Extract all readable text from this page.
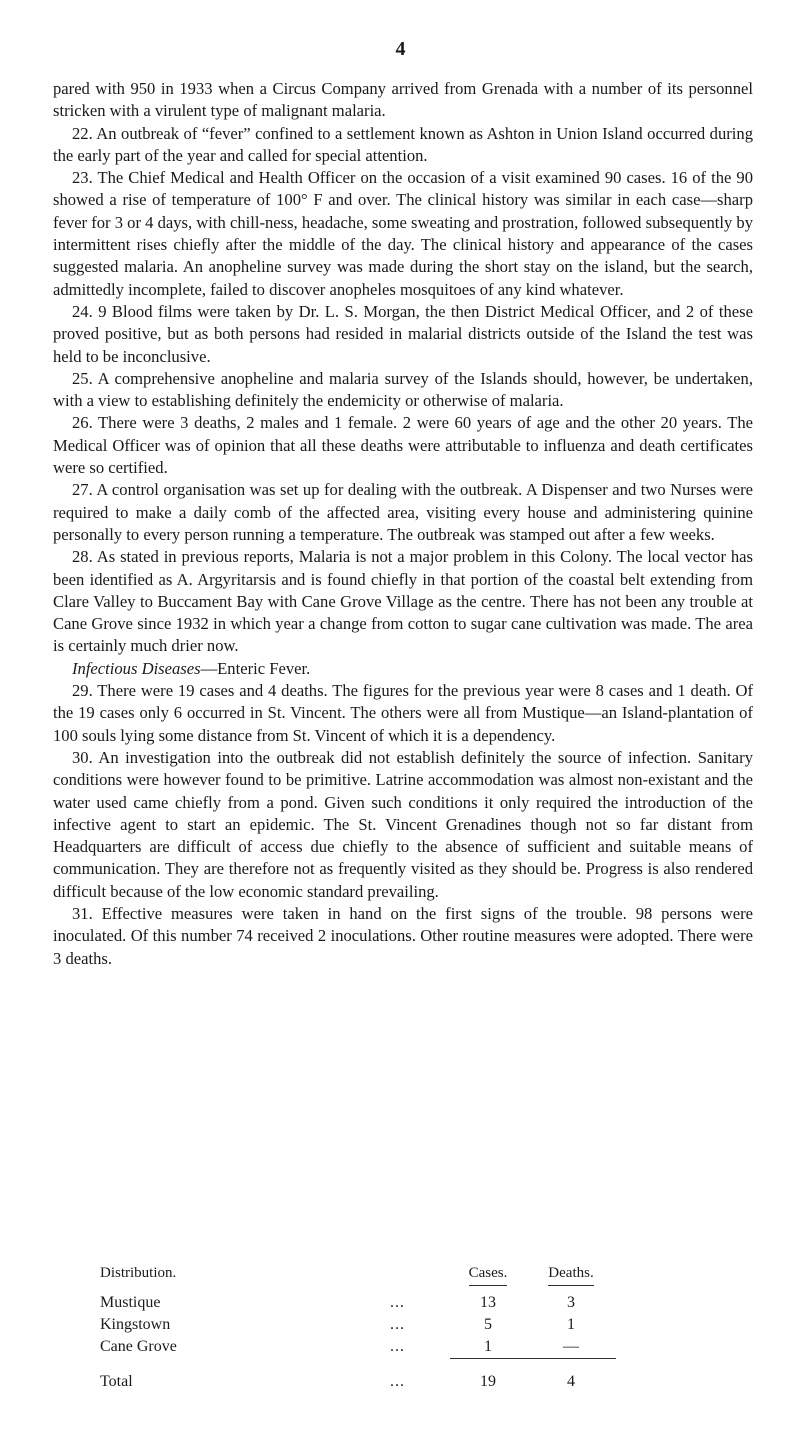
4

pared with 950 in 1933 when a Circus Company arrived from Grenada with a number of its personnel stricken with a virulent type of malignant malaria.

22. An outbreak of “fever” confined to a settlement known as Ashton in Union Island occurred during the early part of the year and called for special attention.

23. The Chief Medical and Health Officer on the occasion of a visit examined 90 cases. 16 of the 90 showed a rise of temperature of 100° F and over. The clinical history was similar in each case—sharp fever for 3 or 4 days, with chill-ness, headache, some sweating and prostration, followed subsequently by intermittent rises chiefly after the middle of the day. The clinical history and appearance of the cases suggested malaria. An anopheline survey was made during the short stay on the island, but the search, admittedly incomplete, failed to discover anopheles mosquitoes of any kind whatever.

24. 9 Blood films were taken by Dr. L. S. Morgan, the then District Medical Officer, and 2 of these proved positive, but as both persons had resided in malarial districts outside of the Island the test was held to be inconclusive.

25. A comprehensive anopheline and malaria survey of the Islands should, however, be undertaken, with a view to establishing definitely the endemicity or otherwise of malaria.

26. There were 3 deaths, 2 males and 1 female. 2 were 60 years of age and the other 20 years. The Medical Officer was of opinion that all these deaths were attributable to influenza and death certificates were so certified.

27. A control organisation was set up for dealing with the outbreak. A Dispenser and two Nurses were required to make a daily comb of the affected area, visiting every house and administering quinine personally to every person running a temperature. The outbreak was stamped out after a few weeks.

28. As stated in previous reports, Malaria is not a major problem in this Colony. The local vector has been identified as A. Argyritarsis and is found chiefly in that portion of the coastal belt extending from Clare Valley to Buccament Bay with Cane Grove Village as the centre. There has not been any trouble at Cane Grove since 1932 in which year a change from cotton to sugar cane cultivation was made. The area is certainly much drier now.

Infectious Diseases—Enteric Fever.

29. There were 19 cases and 4 deaths. The figures for the previous year were 8 cases and 1 death. Of the 19 cases only 6 occurred in St. Vincent. The others were all from Mustique—an Island-plantation of 100 souls lying some distance from St. Vincent of which it is a dependency.

30. An investigation into the outbreak did not establish definitely the source of infection. Sanitary conditions were however found to be primitive. Latrine accommodation was almost non-existant and the water used came chiefly from a pond. Given such conditions it only required the introduction of the infective agent to start an epidemic. The St. Vincent Grenadines though not so far distant from Headquarters are difficult of access due chiefly to the absence of sufficient and suitable means of communication. They are therefore not as frequently visited as they should be. Progress is also rendered difficult because of the low economic standard prevailing.

31. Effective measures were taken in hand on the first signs of the trouble. 98 persons were inoculated. Of this number 74 received 2 inoculations. Other routine measures were adopted. There were 3 deaths.

Distribution.		Cases.	Deaths.
Mustique	...	13	3
Kingstown	...	5	1
Cane Grove	...	1	—
Total	...	19	4
